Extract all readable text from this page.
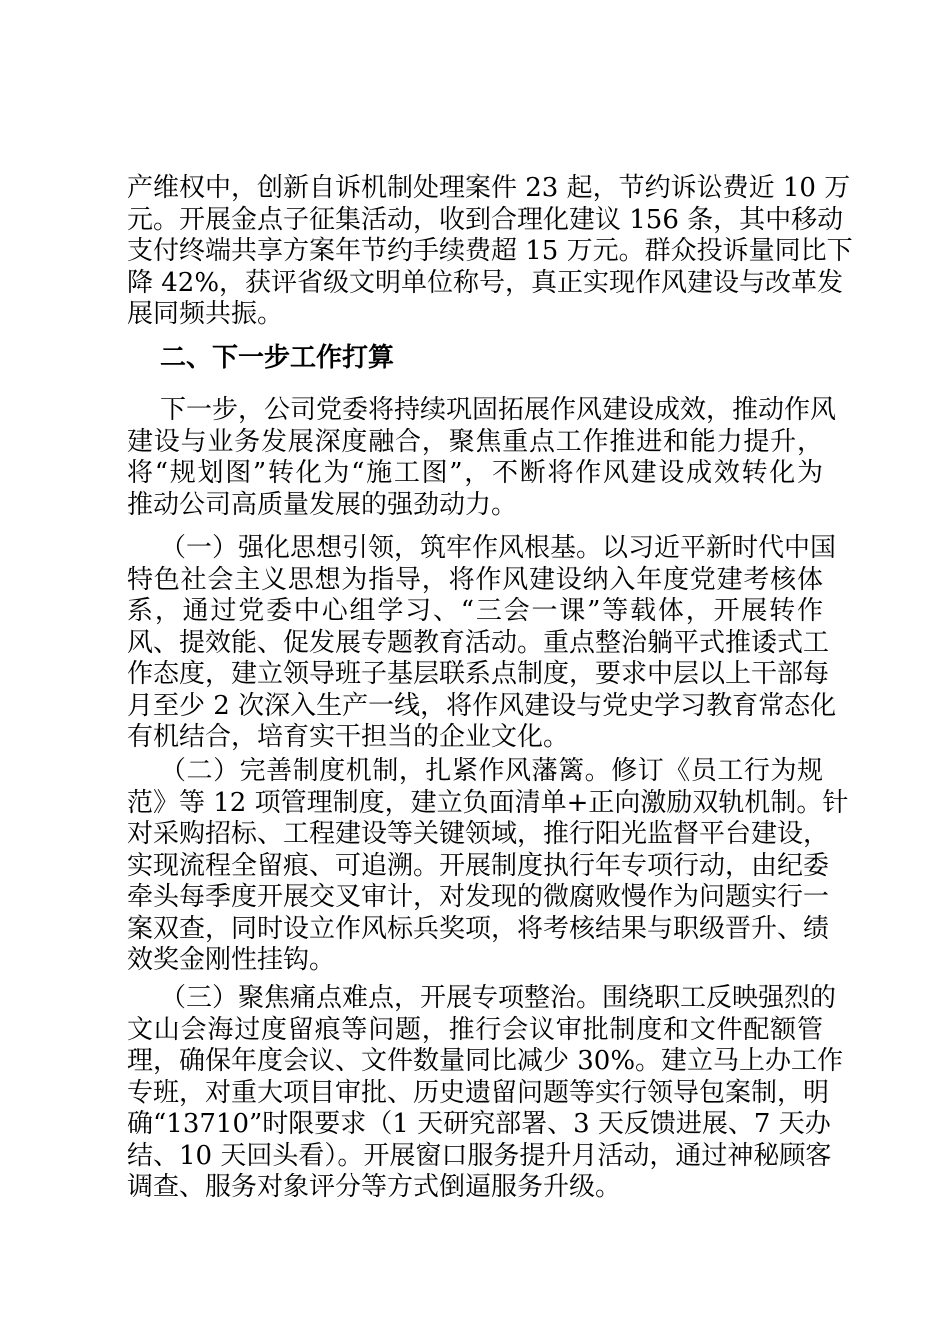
产维权中，创新自诉机制处理案件 23 起，节约诉讼费近 10 万
元。开展金点子征集活动，收到合理化建议 156 条，其中移动
支付终端共享方案年节约手续费超 15 万元。群众投诉量同比下
降 42%，获评省级文明单位称号，真正实现作风建设与改革发
展同频共振。
二、下一步工作打算
下一步，公司党委将持续巩固拓展作风建设成效，推动作风
建设与业务发展深度融合，聚焦重点工作推进和能力提升，
将“规划图”转化为“施工图”，不断将作风建设成效转化为
推动公司高质量发展的强劲动力。
（一）强化思想引领，筑牢作风根基。以习近平新时代中国
特色社会主义思想为指导，将作风建设纳入年度党建考核体
系，通过党委中心组学习、“三会一课”等载体，开展转作
风、提效能、促发展专题教育活动。重点整治躺平式推诿式工
作态度，建立领导班子基层联系点制度，要求中层以上干部每
月至少 2 次深入生产一线，将作风建设与党史学习教育常态化
有机结合，培育实干担当的企业文化。
（二）完善制度机制，扎紧作风藩篱。修订《员工行为规
范》等 12 项管理制度，建立负面清单+正向激励双轨机制。针
对采购招标、工程建设等关键领域，推行阳光监督平台建设，
实现流程全留痕、可追溯。开展制度执行年专项行动，由纪委
牵头每季度开展交叉审计，对发现的微腐败慢作为问题实行一
案双查，同时设立作风标兵奖项，将考核结果与职级晋升、绩
效奖金刚性挂钩。
（三）聚焦痛点难点，开展专项整治。围绕职工反映强烈的
文山会海过度留痕等问题，推行会议审批制度和文件配额管
理，确保年度会议、文件数量同比减少 30%。建立马上办工作
专班，对重大项目审批、历史遗留问题等实行领导包案制，明
确“13710”时限要求（1 天研究部署、3 天反馈进展、7 天办
结、10 天回头看）。开展窗口服务提升月活动，通过神秘顾客
调查、服务对象评分等方式倒逼服务升级。
